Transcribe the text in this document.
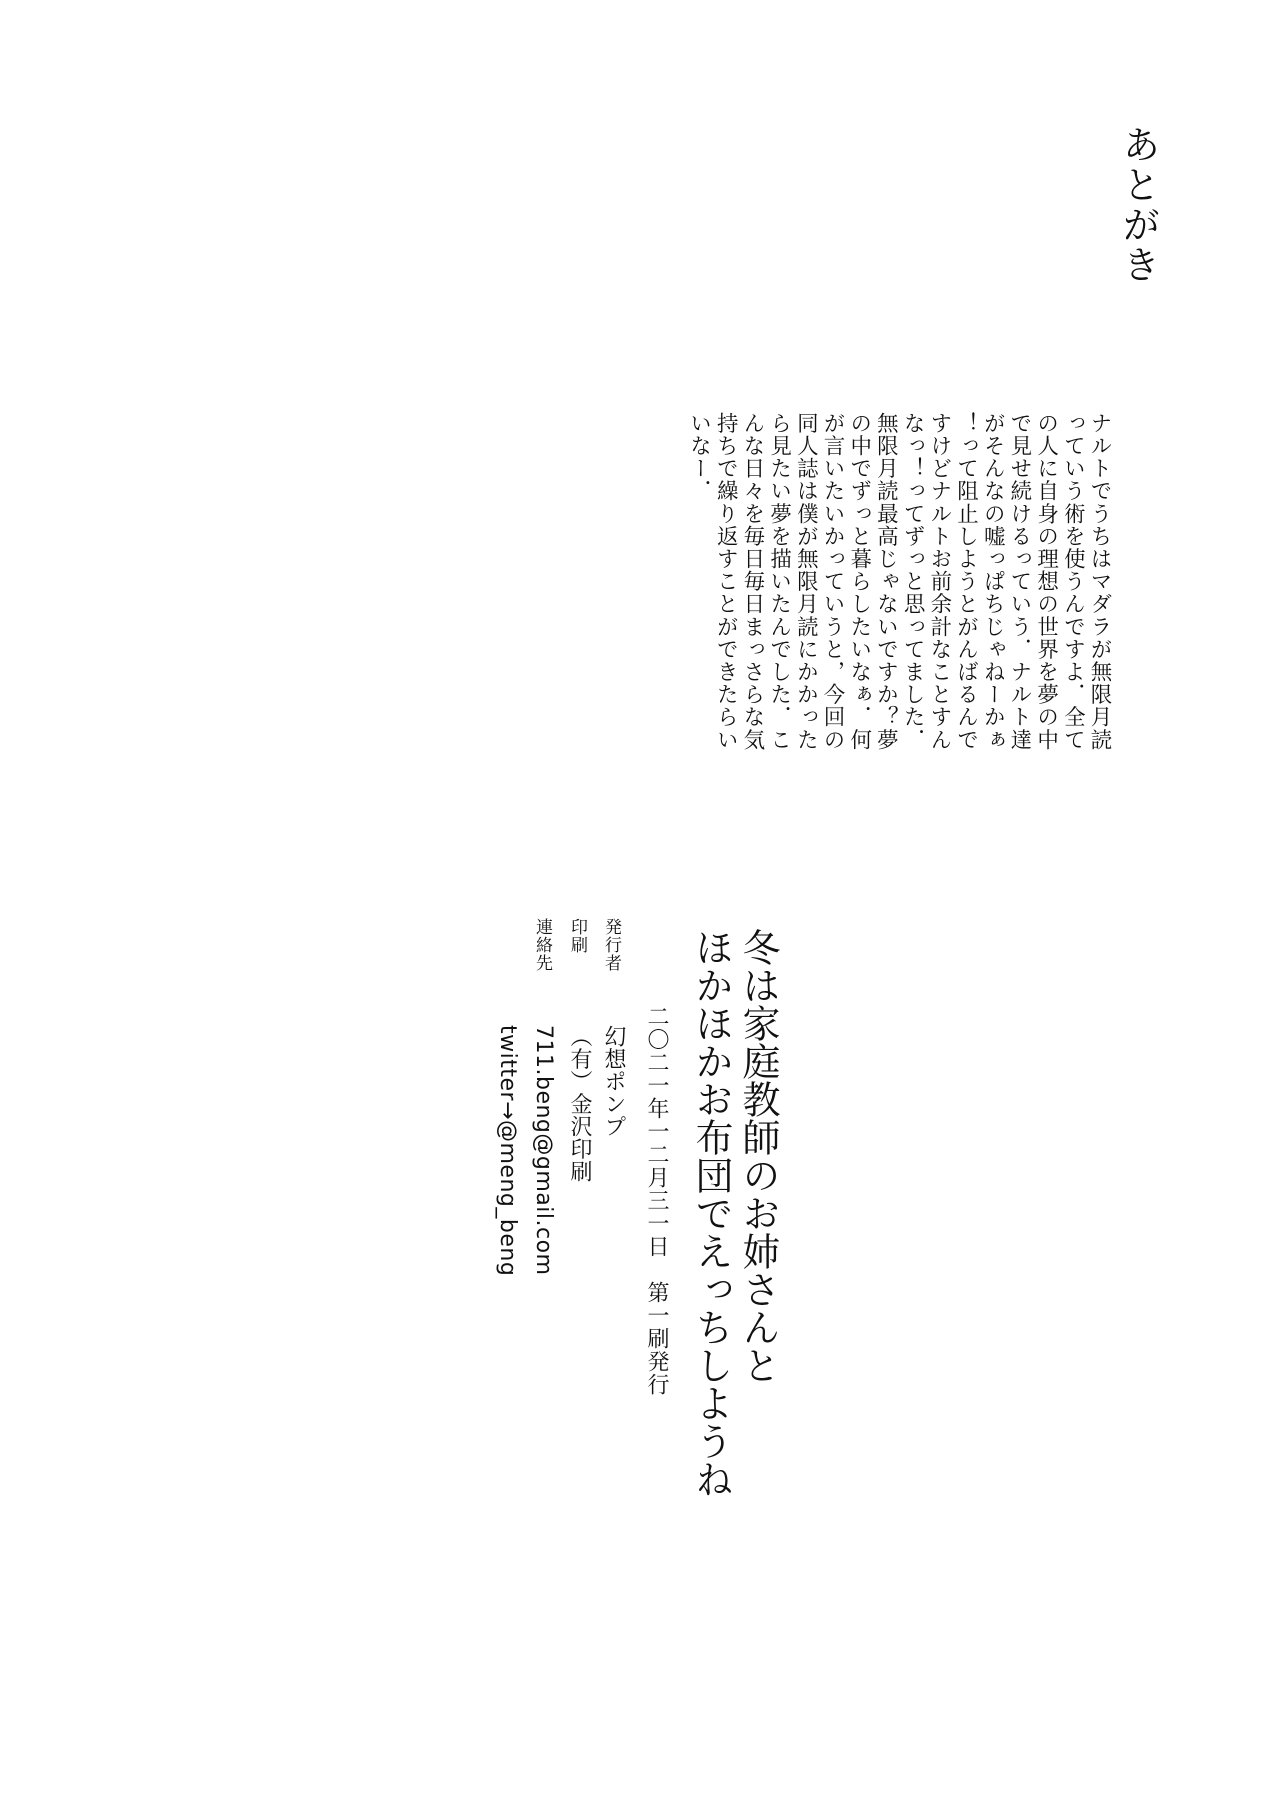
あとがき
ナルトでうちはマダラが無限月読
っていう術を使うんですよ．全て
の人に自身の理想の世界を夢の中
で見せ続けるっていう．ナルト達
がそんなの嘘っぱちじゃねーかぁ
！って阻止しようとがんばるんで
すけどナルトお前余計なことすん
なっ！ってずっと思ってました．
無限月読最高じゃないですか？夢
の中でずっと暮らしたいなぁ．何
が言いたいかっていうと，今回の
同人誌は僕が無限月読にかかった
ら見たい夢を描いたんでした．こ
んな日々を毎日毎日まっさらな気
持ちで繰り返すことができたらい
いなー．
冬は家庭教師のお姉さんと
ほかほかお布団でえっちしようね
二〇二一年一二月三一日　第一刷発行
発行者
印刷
連絡先
幻想ポンプ
（有）金沢印刷
711.beng@gmail.com
twitter→@meng_beng
